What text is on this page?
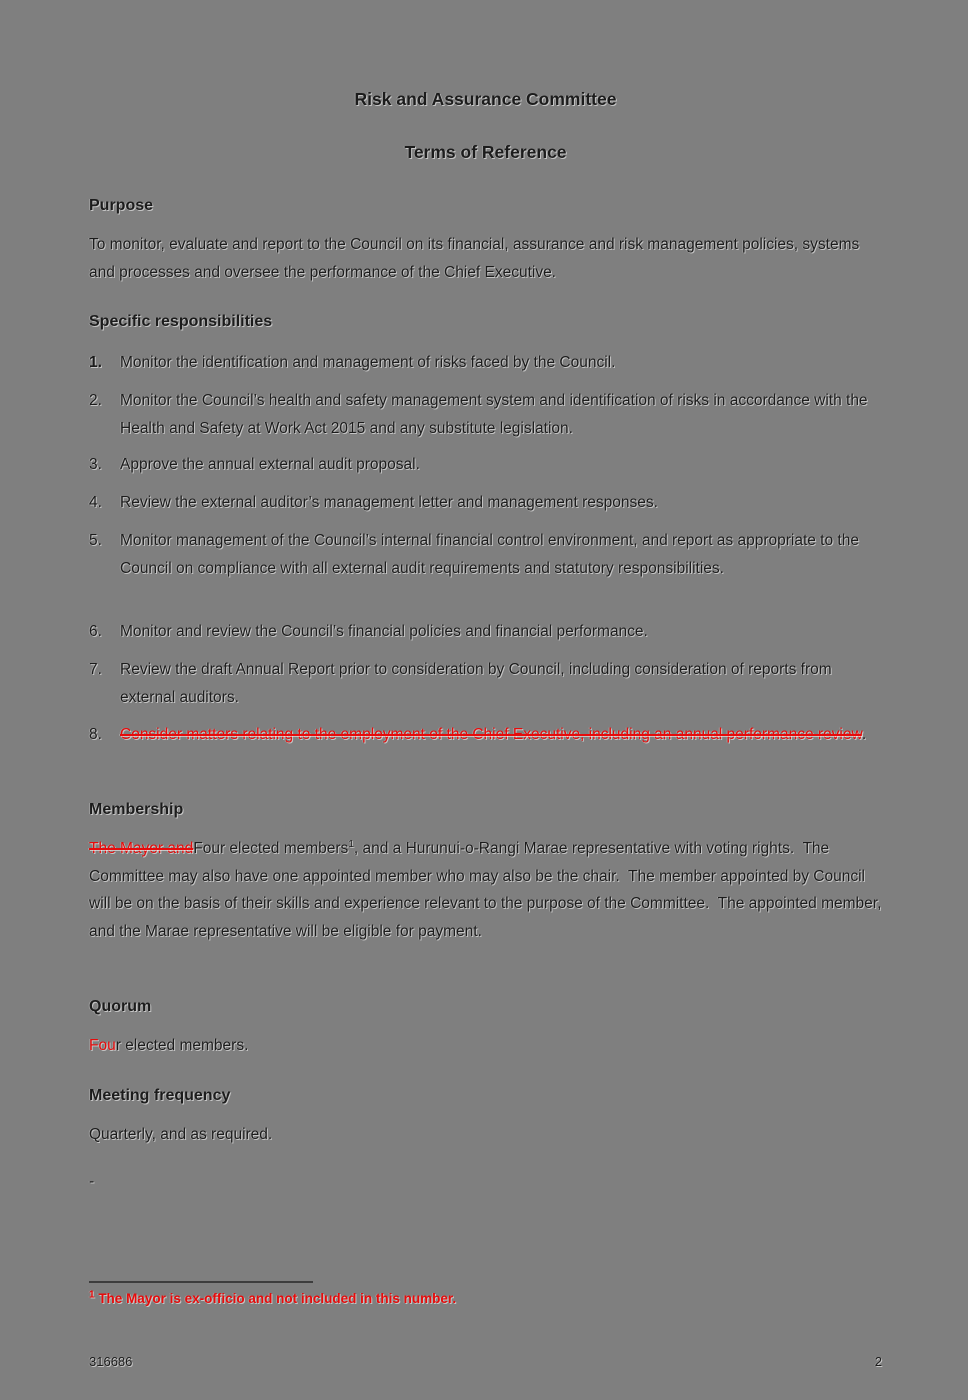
Risk and Assurance Committee
Terms of Reference
Purpose

To monitor, evaluate and report to the Council on its financial, assurance and risk management policies, systems and processes and oversee the performance of the Chief Executive.

Specific responsibilities
1.	Monitor the identification and management of risks faced by the Council.
2.	Monitor the Council’s health and safety management system and identification of risks in accordance with the Health and Safety at Work Act 2015 and any substitute legislation.
3.	Approve the annual external audit proposal.
4.	Review the external auditor’s management letter and management responses.
5.	Monitor management of the Council’s internal financial control environment, and report as appropriate to the Council on compliance with all external audit requirements and statutory responsibilities.
6.	Monitor and review the Council’s financial policies and financial performance.
7.	Review the draft Annual Report prior to consideration by Council, including consideration of reports from external auditors.
8.	Consider matters relating to the employment of the Chief Executive, including an annual performance review.
Membership

The Mayor andFour elected members$^1$, and a Hurunui-o-Rangi Marae representative with voting rights.  The Committee may also have one appointed member who may also be the chair.  The member appointed by Council will be on the basis of their skills and experience relevant to the purpose of the Committee.  The appointed member, and the Marae representative will be eligible for payment.

Quorum

Four elected members.

Meeting frequency

Quarterly, and as required.

-

$^1$ The Mayor is ex-officio and not included in this number.

316686	2
